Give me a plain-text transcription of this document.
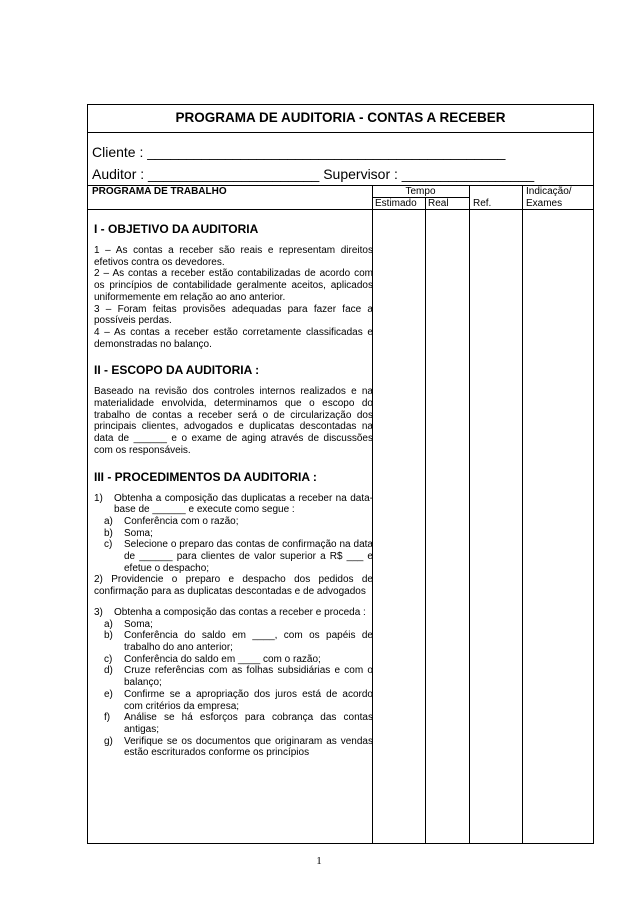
PROGRAMA DE AUDITORIA - CONTAS A RECEBER
Cliente : ______________________________________________
Auditor : ______________________ Supervisor : _________________
PROGRAMA DE TRABALHO	Tempo
Estimado Real Ref.
Indicação/
Exames
I - OBJETIVO DA AUDITORIA

1 – As contas a receber são reais e representam direitos efetivos contra os devedores.

2 – As contas a receber estão contabilizadas de acordo com os princípios de contabilidade geralmente aceitos, aplicados uniformemente em relação ao ano anterior.

3 – Foram feitas provisões adequadas para fazer face a possíveis perdas.

4 – As contas a receber estão corretamente classificadas e demonstradas no balanço.

II - ESCOPO DA AUDITORIA :

Baseado na revisão dos controles internos realizados e na materialidade envolvida, determinamos que o escopo do trabalho de contas a receber será o de circularização dos principais clientes, advogados e duplicatas descontadas na data de ______ e o exame de aging através de discussões com os responsáveis.

III - PROCEDIMENTOS DA AUDITORIA :
1) Obtenha a composição das duplicatas a receber na data-base de ______ e execute como segue :
a) Conferência com o razão;
b) Soma;
c) Selecione o preparo das contas de confirmação na data de ______ para clientes de valor superior a R$ ___ e efetue o despacho;

2) Providencie o preparo e despacho dos pedidos de confirmação para as duplicatas descontadas e de advogados

3) Obtenha a composição das contas a receber e proceda :
a) Soma;
b) Conferência do saldo em ____, com os papéis de trabalho do ano anterior;
c) Conferência do saldo em ____ com o razão;
d) Cruze referências com as folhas subsidiárias e com o balanço;
e) Confirme se a apropriação dos juros está de acordo com critérios da empresa;
f) Análise se há esforços para cobrança das contas antigas;
g) Verifique se os documentos que originaram as vendas estão escriturados conforme os princípios
1
